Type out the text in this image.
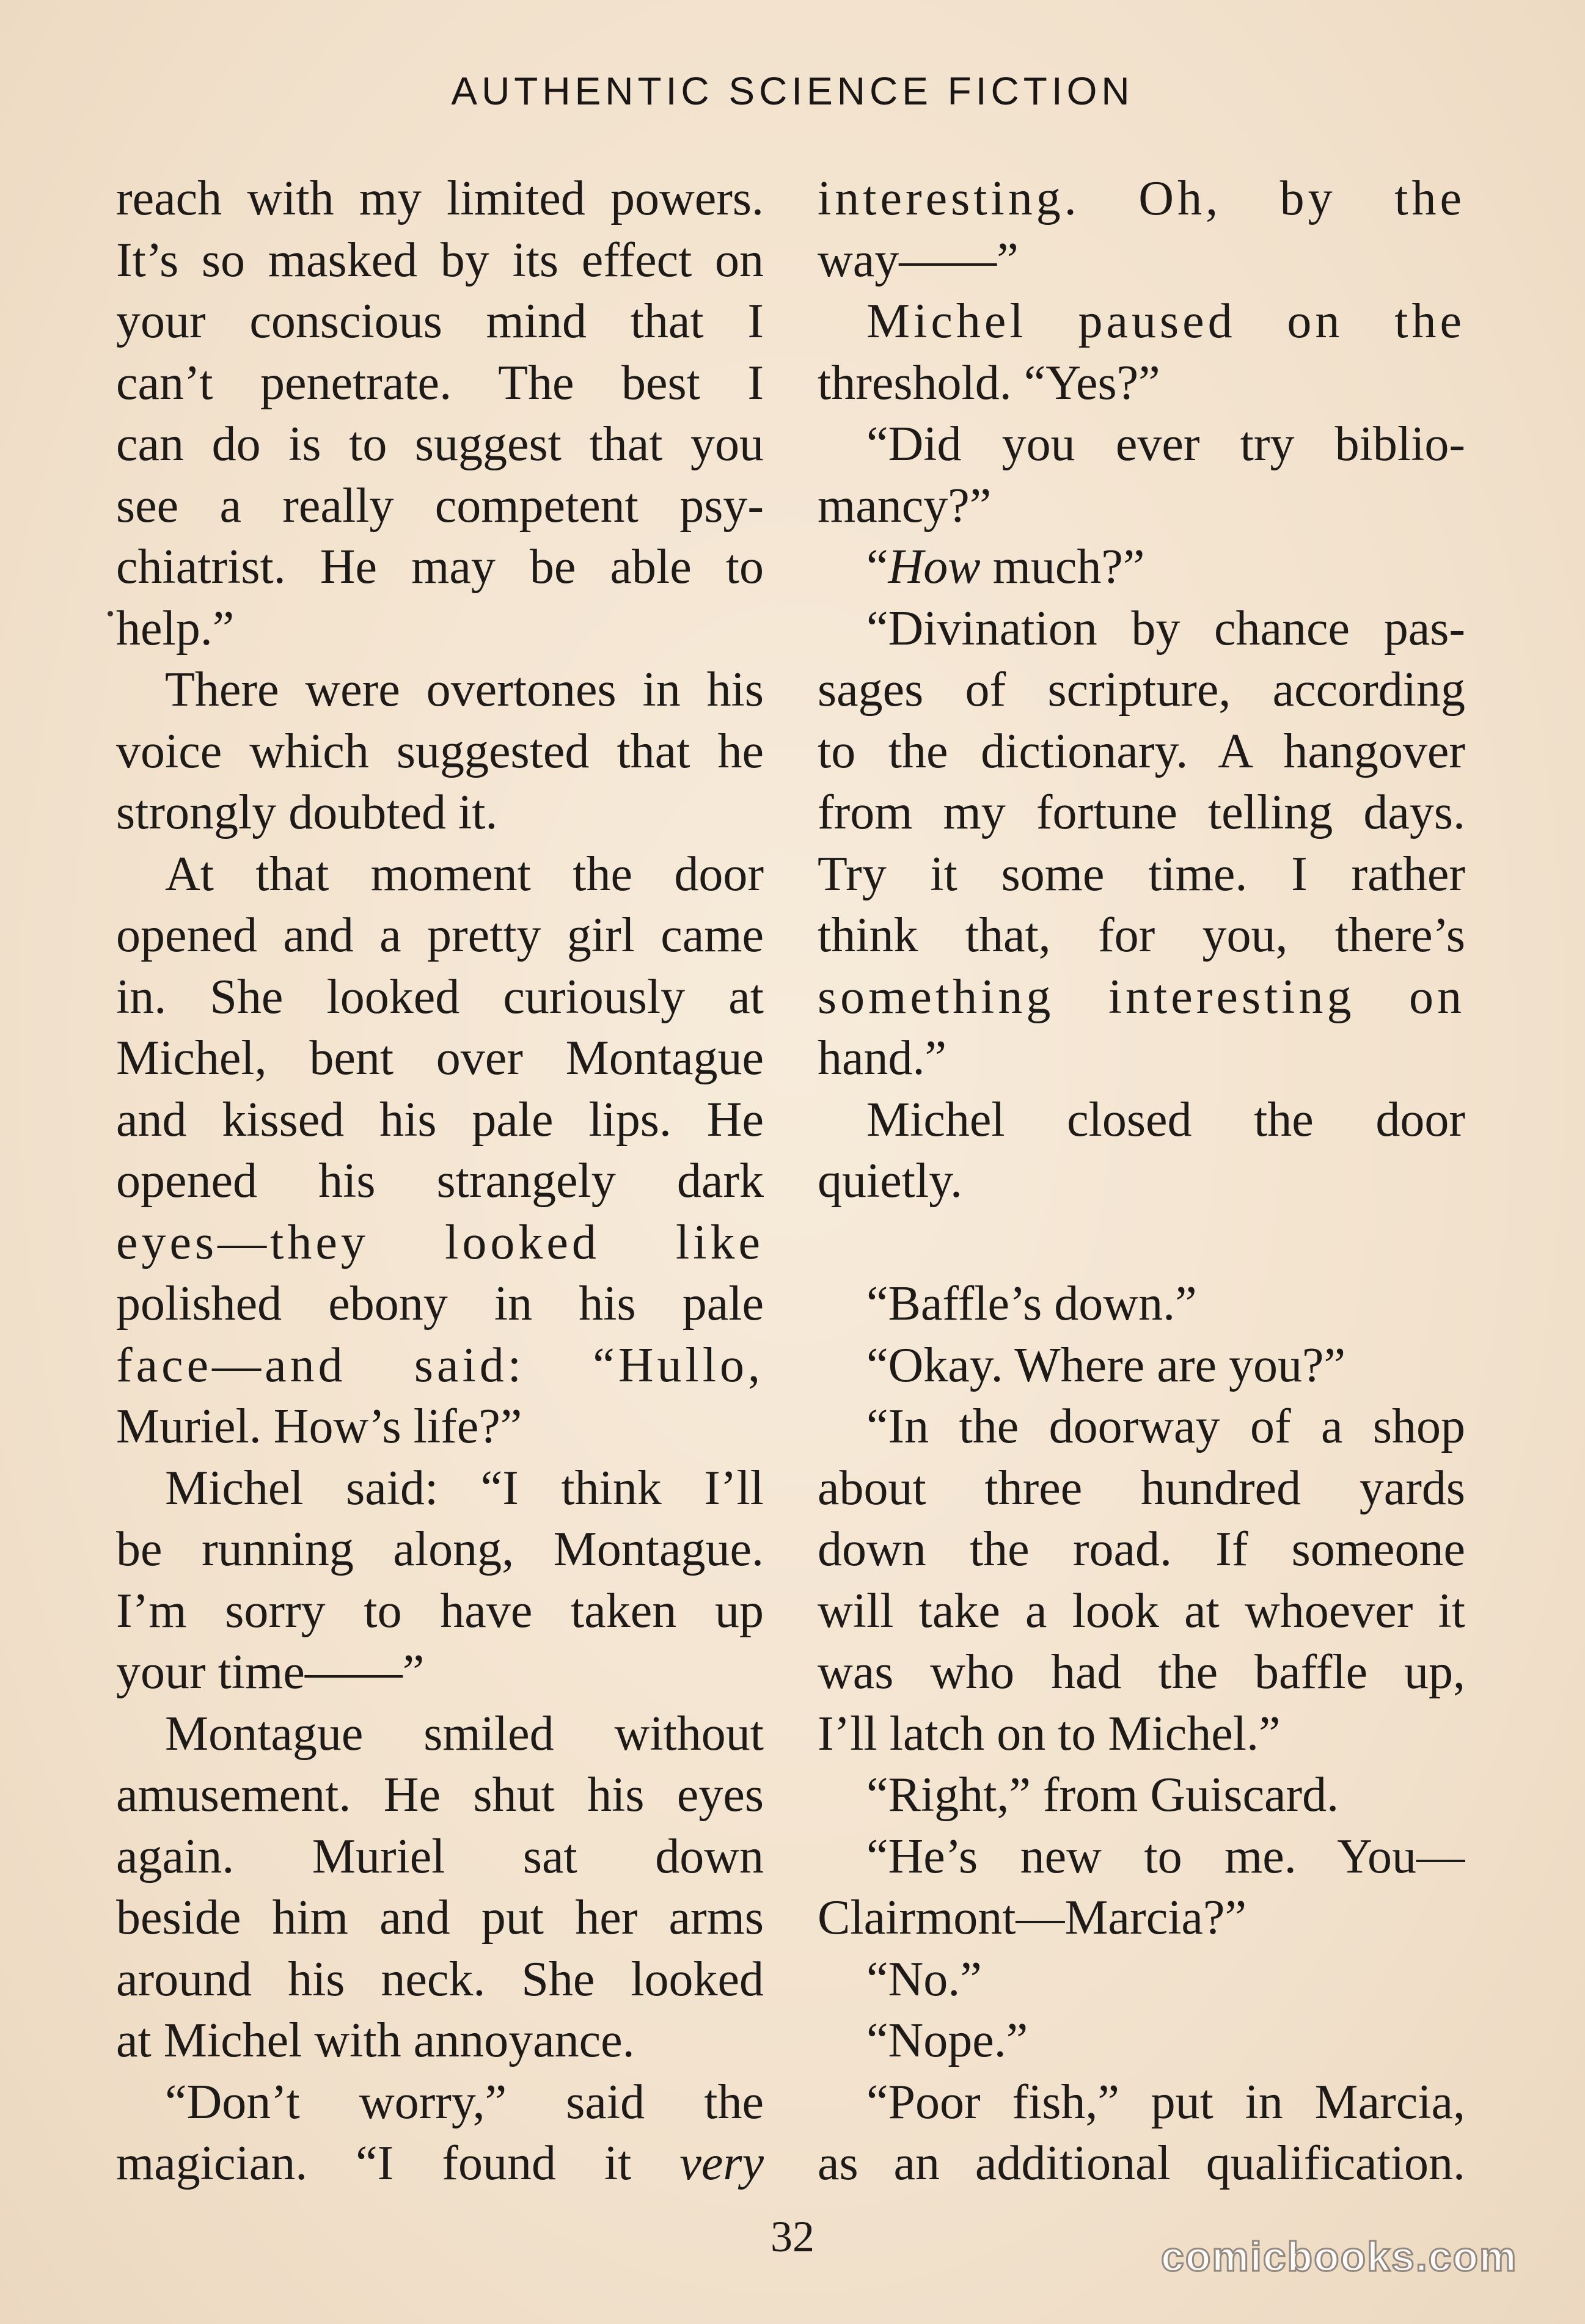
AUTHENTIC SCIENCE FICTION
reach with my limited powers.
It’s so masked by its effect on
your conscious mind that I
can’t penetrate. The best I
can do is to suggest that you
see a really competent psy-
chiatrist. He may be able to
help.”
There were overtones in his
voice which suggested that he
strongly doubted it.
At that moment the door
opened and a pretty girl came
in. She looked curiously at
Michel, bent over Montague
and kissed his pale lips. He
opened his strangely dark
eyes—they looked like
polished ebony in his pale
face—and said: “Hullo,
Muriel. How’s life?”
Michel said: “I think I’ll
be running along, Montague.
I’m sorry to have taken up
your time——”
Montague smiled without
amusement. He shut his eyes
again. Muriel sat down
beside him and put her arms
around his neck. She looked
at Michel with annoyance.
“Don’t worry,” said the
magician. “I found it very
interesting. Oh, by the
way——”
Michel paused on the
threshold. “Yes?”
“Did you ever try biblio-
mancy?”
“How much?”
“Divination by chance pas-
sages of scripture, according
to the dictionary. A hangover
from my fortune telling days.
Try it some time. I rather
think that, for you, there’s
something interesting on
hand.”
Michel closed the door
quietly.
“Baffle’s down.”
“Okay. Where are you?”
“In the doorway of a shop
about three hundred yards
down the road. If someone
will take a look at whoever it
was who had the baffle up,
I’ll latch on to Michel.”
“Right,” from Guiscard.
“He’s new to me. You—
Clairmont—Marcia?”
“No.”
“Nope.”
“Poor fish,” put in Marcia,
as an additional qualification.
32	comicbooks.com
